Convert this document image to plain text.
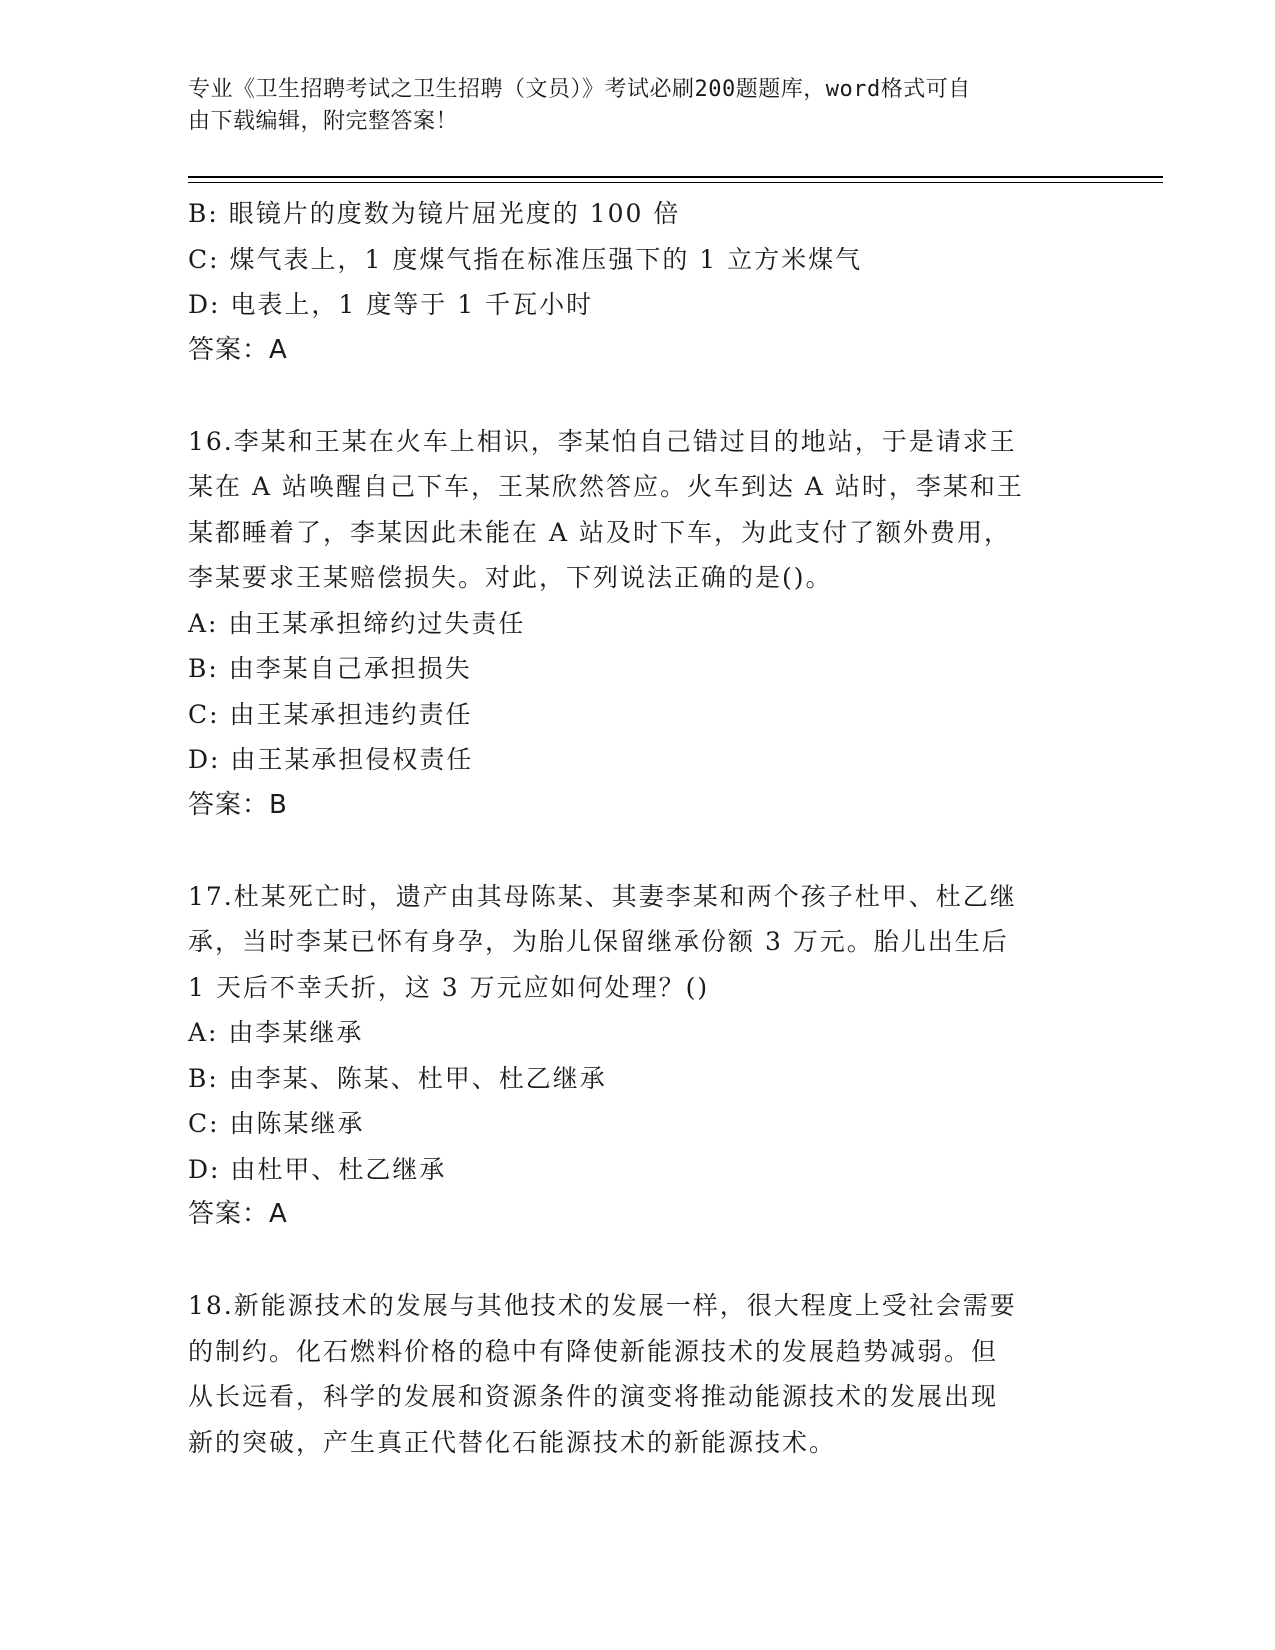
专业《卫生招聘考试之卫生招聘（文员）》考试必刷200题题库，word格式可自
由下载编辑，附完整答案！
B: 眼镜片的度数为镜片屈光度的 100 倍
C: 煤气表上，1 度煤气指在标准压强下的 1 立方米煤气
D: 电表上，1 度等于 1 千瓦小时
答案：A
16.李某和王某在火车上相识，李某怕自己错过目的地站，于是请求王
某在 A 站唤醒自己下车，王某欣然答应。火车到达 A 站时，李某和王
某都睡着了，李某因此未能在 A 站及时下车，为此支付了额外费用，
李某要求王某赔偿损失。对此，下列说法正确的是()。
A: 由王某承担缔约过失责任
B: 由李某自己承担损失
C: 由王某承担违约责任
D: 由王某承担侵权责任
答案：B
17.杜某死亡时，遗产由其母陈某、其妻李某和两个孩子杜甲、杜乙继
承，当时李某已怀有身孕，为胎儿保留继承份额 3 万元。胎儿出生后
1 天后不幸夭折，这 3 万元应如何处理？()
A: 由李某继承
B: 由李某、陈某、杜甲、杜乙继承
C: 由陈某继承
D: 由杜甲、杜乙继承
答案：A
18.新能源技术的发展与其他技术的发展一样，很大程度上受社会需要
的制约。化石燃料价格的稳中有降使新能源技术的发展趋势减弱。但
从长远看，科学的发展和资源条件的演变将推动能源技术的发展出现
新的突破，产生真正代替化石能源技术的新能源技术。
